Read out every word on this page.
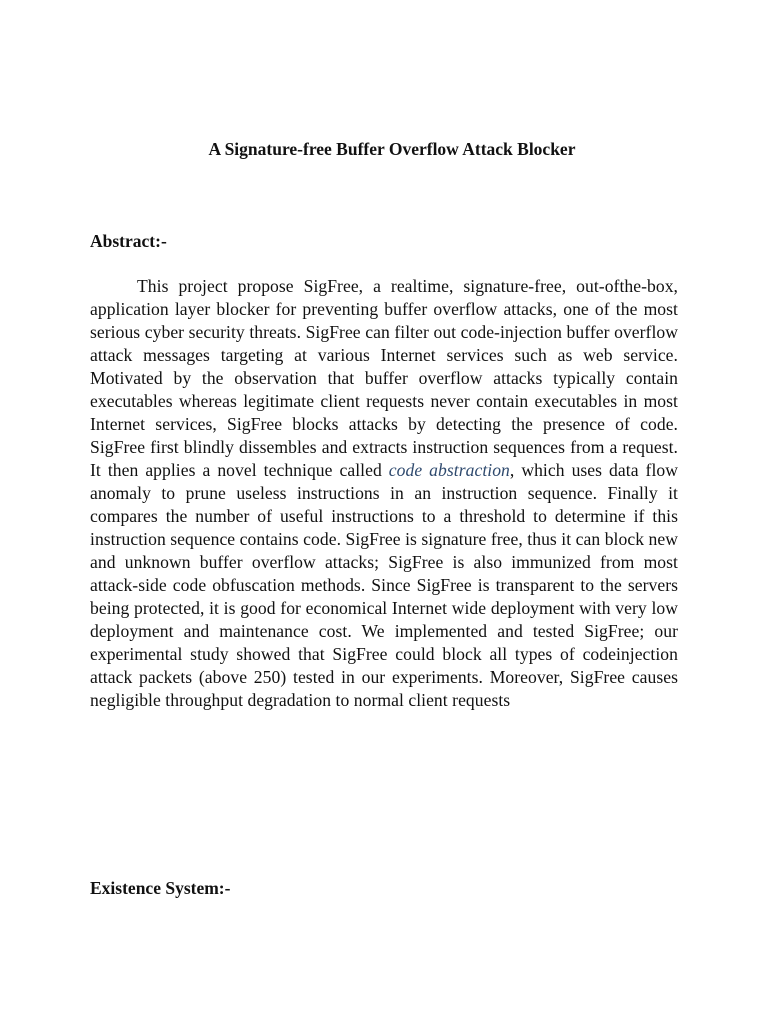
A Signature-free Buffer Overflow Attack Blocker
Abstract:-

This project propose SigFree, a realtime, signature-free, out-ofthe-box, application layer blocker for preventing buffer overflow attacks, one of the most serious cyber security threats. SigFree can filter out code-injection buffer overflow attack messages targeting at various Internet services such as web service. Motivated by the observation that buffer overflow attacks typically contain executables whereas legitimate client requests never contain executables in most Internet services, SigFree blocks attacks by detecting the presence of code. SigFree first blindly dissembles and extracts instruction sequences from a request. It then applies a novel technique called code abstraction, which uses data flow anomaly to prune useless instructions in an instruction sequence. Finally it compares the number of useful instructions to a threshold to determine if this instruction sequence contains code. SigFree is signature free, thus it can block new and unknown buffer overflow attacks; SigFree is also immunized from most attack-side code obfuscation methods. Since SigFree is transparent to the servers being protected, it is good for economical Internet wide deployment with very low deployment and maintenance cost. We implemented and tested SigFree; our experimental study showed that SigFree could block all types of codeinjection attack packets (above 250) tested in our experiments. Moreover, SigFree causes negligible throughput degradation to normal client requests

Existence System:-
